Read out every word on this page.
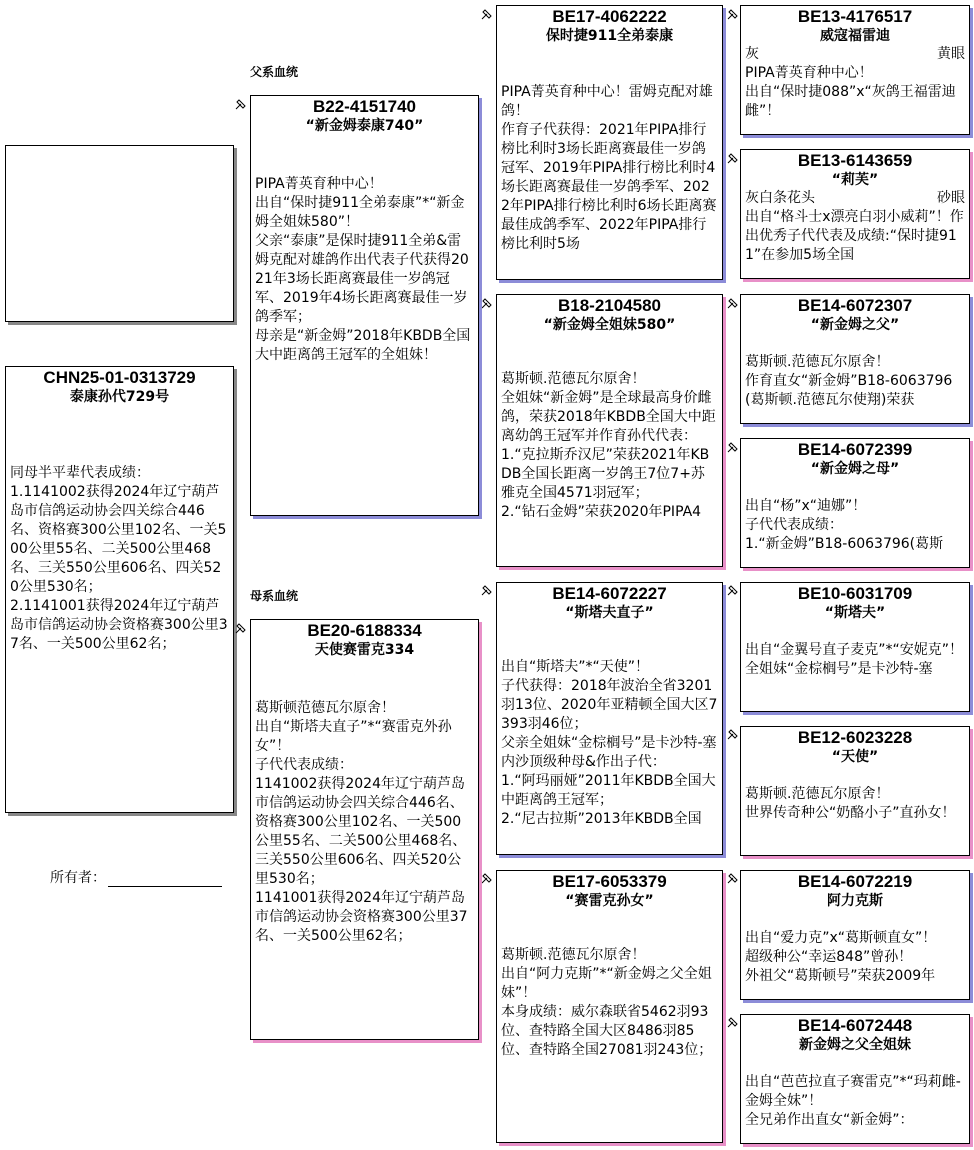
CHN25-01-0313729
泰康孙代729号
同母半平辈代表成绩：
1.1141002获得2024年辽宁葫芦岛市信鸽运动协会四关综合446名、资格赛300公里102名、一关500公里55名、二关500公里468名、三关550公里606名、四关520公里530名；
2.1141001获得2024年辽宁葫芦岛市信鸽运动协会资格赛300公里37名、一关500公里62名；
所有者：
父系血统
母系血统
B22-4151740
“新金姆泰康740”
PIPA菁英育种中心！
出自“保时捷911全弟泰康”*“新金姆全姐妹580”！
父亲“泰康”是保时捷911全弟&雷姆克配对雄鸽作出代表子代获得2021年3场长距离赛最佳一岁鸽冠军、2019年4场长距离赛最佳一岁鸽季军；
母亲是“新金姆”2018年KBDB全国大中距离鸽王冠军的全姐妹！
BE20-6188334
天使赛雷克334
葛斯顿范德瓦尔原舍！
出自“斯塔夫直子”*“赛雷克外孙女”！
子代代表成绩：
1141002获得2024年辽宁葫芦岛市信鸽运动协会四关综合446名、资格赛300公里102名、一关500公里55名、二关500公里468名、三关550公里606名、四关520公里530名；
1141001获得2024年辽宁葫芦岛市信鸽运动协会资格赛300公里37名、一关500公里62名；
BE17-4062222
保时捷911全弟泰康
PIPA菁英育种中心！雷姆克配对雄鸽！
作育子代获得：2021年PIPA排行榜比利时3场长距离赛最佳一岁鸽冠军、2019年PIPA排行榜比利时4场长距离赛最佳一岁鸽季军、2022年PIPA排行榜比利时6场长距离赛最佳成鸽季军、2022年PIPA排行榜比利时5场
B18-2104580
“新金姆全姐妹580”
葛斯顿.范德瓦尔原舍！
全姐妹“新金姆”是全球最高身价雌鸽，荣获2018年KBDB全国大中距离幼鸽王冠军并作育孙代代表：
1.“克拉斯乔汉尼”荣获2021年KBDB全国长距离一岁鸽王7位7+苏雅克全国4571羽冠军；
2.“钻石金姆”荣获2020年PIPA4
BE14-6072227
“斯塔夫直子”
出自“斯塔夫”*“天使”！
子代获得：2018年波治全省3201羽13位、2020年亚精顿全国大区7393羽46位；
父亲全姐妹“金棕榈号”是卡沙特-塞内沙顶级种母&作出子代：
1.“阿玛丽娅”2011年KBDB全国大中距离鸽王冠军；
2.“尼古拉斯”2013年KBDB全国
BE17-6053379
“赛雷克孙女”
葛斯顿.范德瓦尔原舍！
出自“阿力克斯”*“新金姆之父全姐妹”！
本身成绩：威尔森联省5462羽93位、查特路全国大区8486羽85位、查特路全国27081羽243位；
BE13-4176517
威寇福雷迪
灰	黄眼
PIPA菁英育种中心！
出自“保时捷088”x“灰鸽王福雷迪雌”！
BE13-6143659
“莉芙”
灰白条花头	砂眼
出自“格斗士x漂亮白羽小威莉”！作出优秀子代代表及成绩:“保时捷911”在参加5场全国
BE14-6072307
“新金姆之父”
葛斯顿.范德瓦尔原舍！
作育直女“新金姆”B18-6063796(葛斯顿.范德瓦尔使翔)荣获
BE14-6072399
“新金姆之母”
出自“杨”x“迪娜”！
子代代表成绩：
1.“新金姆”B18-6063796(葛斯
BE10-6031709
“斯塔夫”
出自“金翼号直子麦克”*“安妮克”！
全姐妹“金棕榈号”是卡沙特-塞
BE12-6023228
“天使”
葛斯顿.范德瓦尔原舍！
世界传奇种公“奶酪小子”直孙女！
BE14-6072219
阿力克斯
出自“爱力克”x“葛斯顿直女”！
超级种公“幸运848”曾孙！
外祖父“葛斯顿号”荣获2009年
BE14-6072448
新金姆之父全姐妹
出自“芭芭拉直子赛雷克”*“玛莉雌-金姆全妹”！
全兄弟作出直女“新金姆”：
